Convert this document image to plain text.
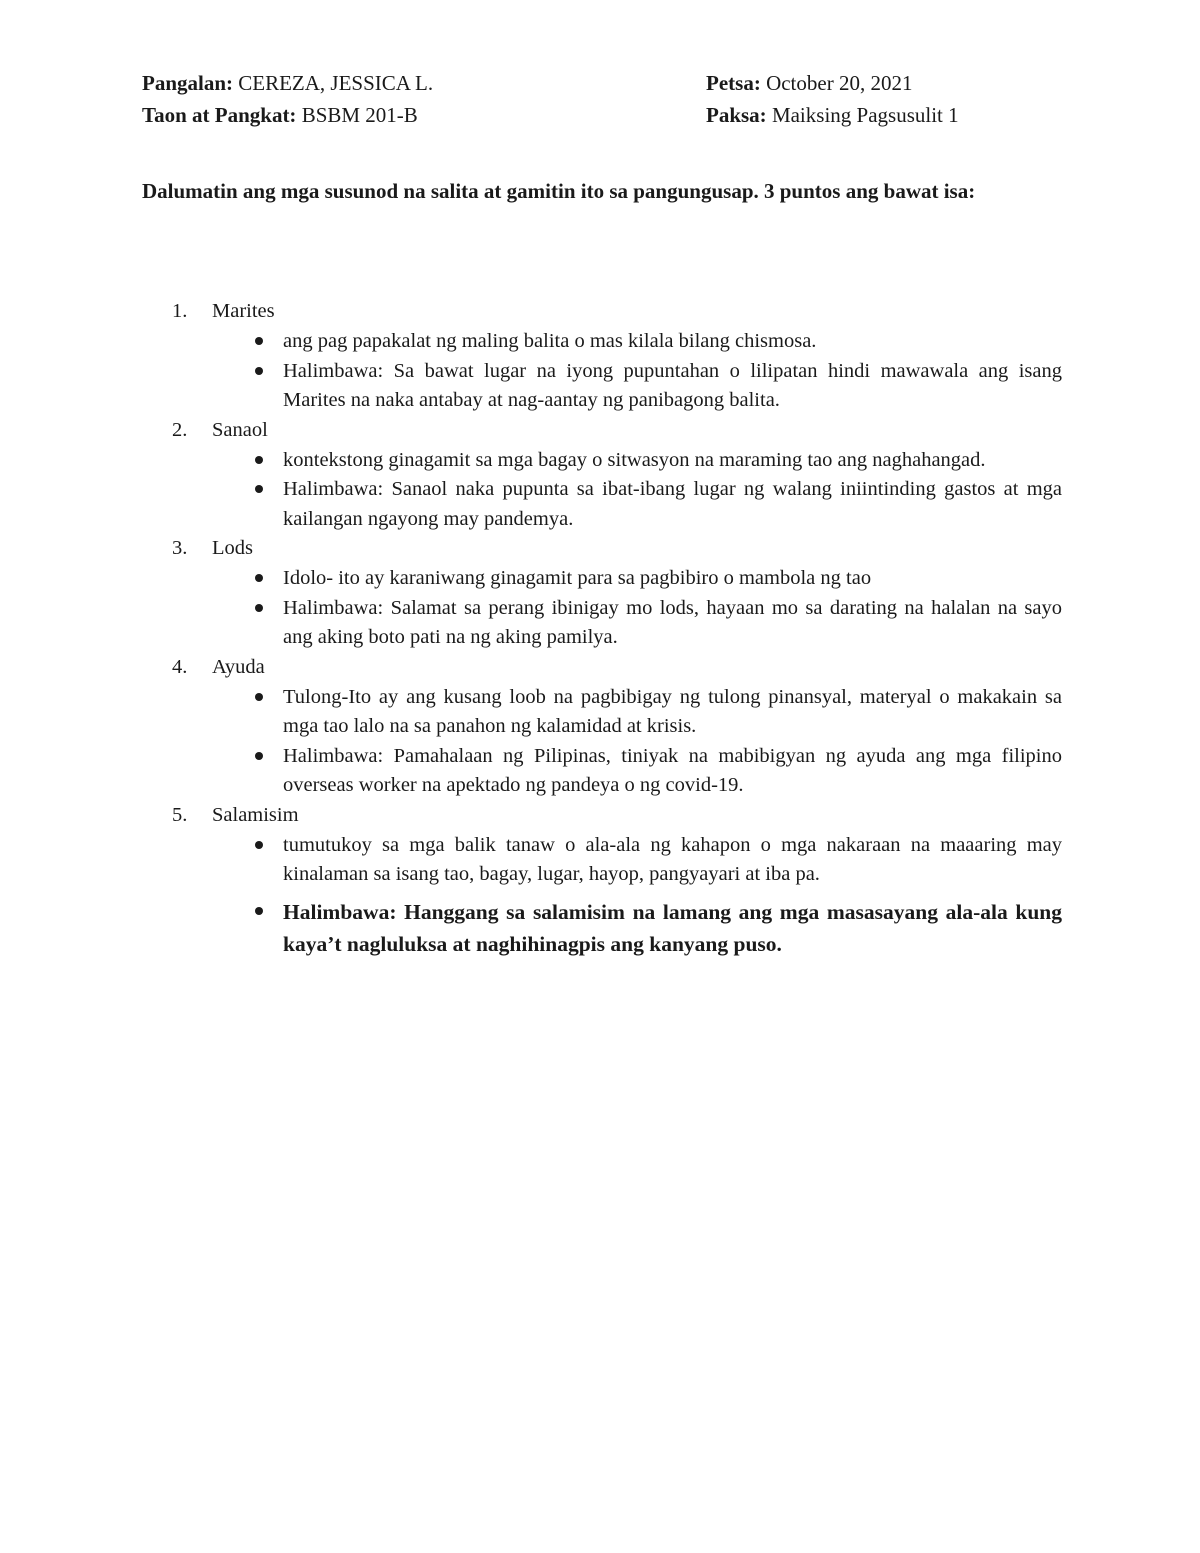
Pangalan: CEREZA, JESSICA L.	Petsa: October 20, 2021
Taon at Pangkat: BSBM 201-B	Paksa: Maiksing Pagsusulit 1
Dalumatin ang mga susunod na salita at gamitin ito sa pangungusap. 3 puntos ang bawat isa:
1. Marites
ang pag papakalat ng maling balita o mas kilala bilang chismosa.
Halimbawa: Sa bawat lugar na iyong pupuntahan o lilipatan hindi mawawala ang isang Marites na naka antabay at nag-aantay ng panibagong balita.
2. Sanaol
kontekstong ginagamit sa mga bagay o sitwasyon na maraming tao ang naghahangad.
Halimbawa: Sanaol naka pupunta sa ibat-ibang lugar ng walang iniintinding gastos at mga kailangan ngayong may pandemya.
3. Lods
Idolo- ito ay karaniwang ginagamit para sa pagbibiro o mambola ng tao
Halimbawa: Salamat sa perang ibinigay mo lods, hayaan mo sa darating na halalan na sayo ang aking boto pati na ng aking pamilya.
4. Ayuda
Tulong-Ito ay ang kusang loob na pagbibigay ng tulong pinansyal, materyal o makakain sa mga tao lalo na sa panahon ng kalamidad at krisis.
Halimbawa: Pamahalaan ng Pilipinas, tiniyak na mabibigyan ng ayuda ang mga filipino overseas worker na apektado ng pandeya o ng covid-19.
5. Salamisim
tumutukoy sa mga balik tanaw o ala-ala ng kahapon o mga nakaraan na maaaring may kinalaman sa isang tao, bagay, lugar, hayop, pangyayari at iba pa.
Halimbawa: Hanggang sa salamisim na lamang ang mga masasayang ala-ala kung kaya’t nagluluksa at naghihinagpis ang kanyang puso.
